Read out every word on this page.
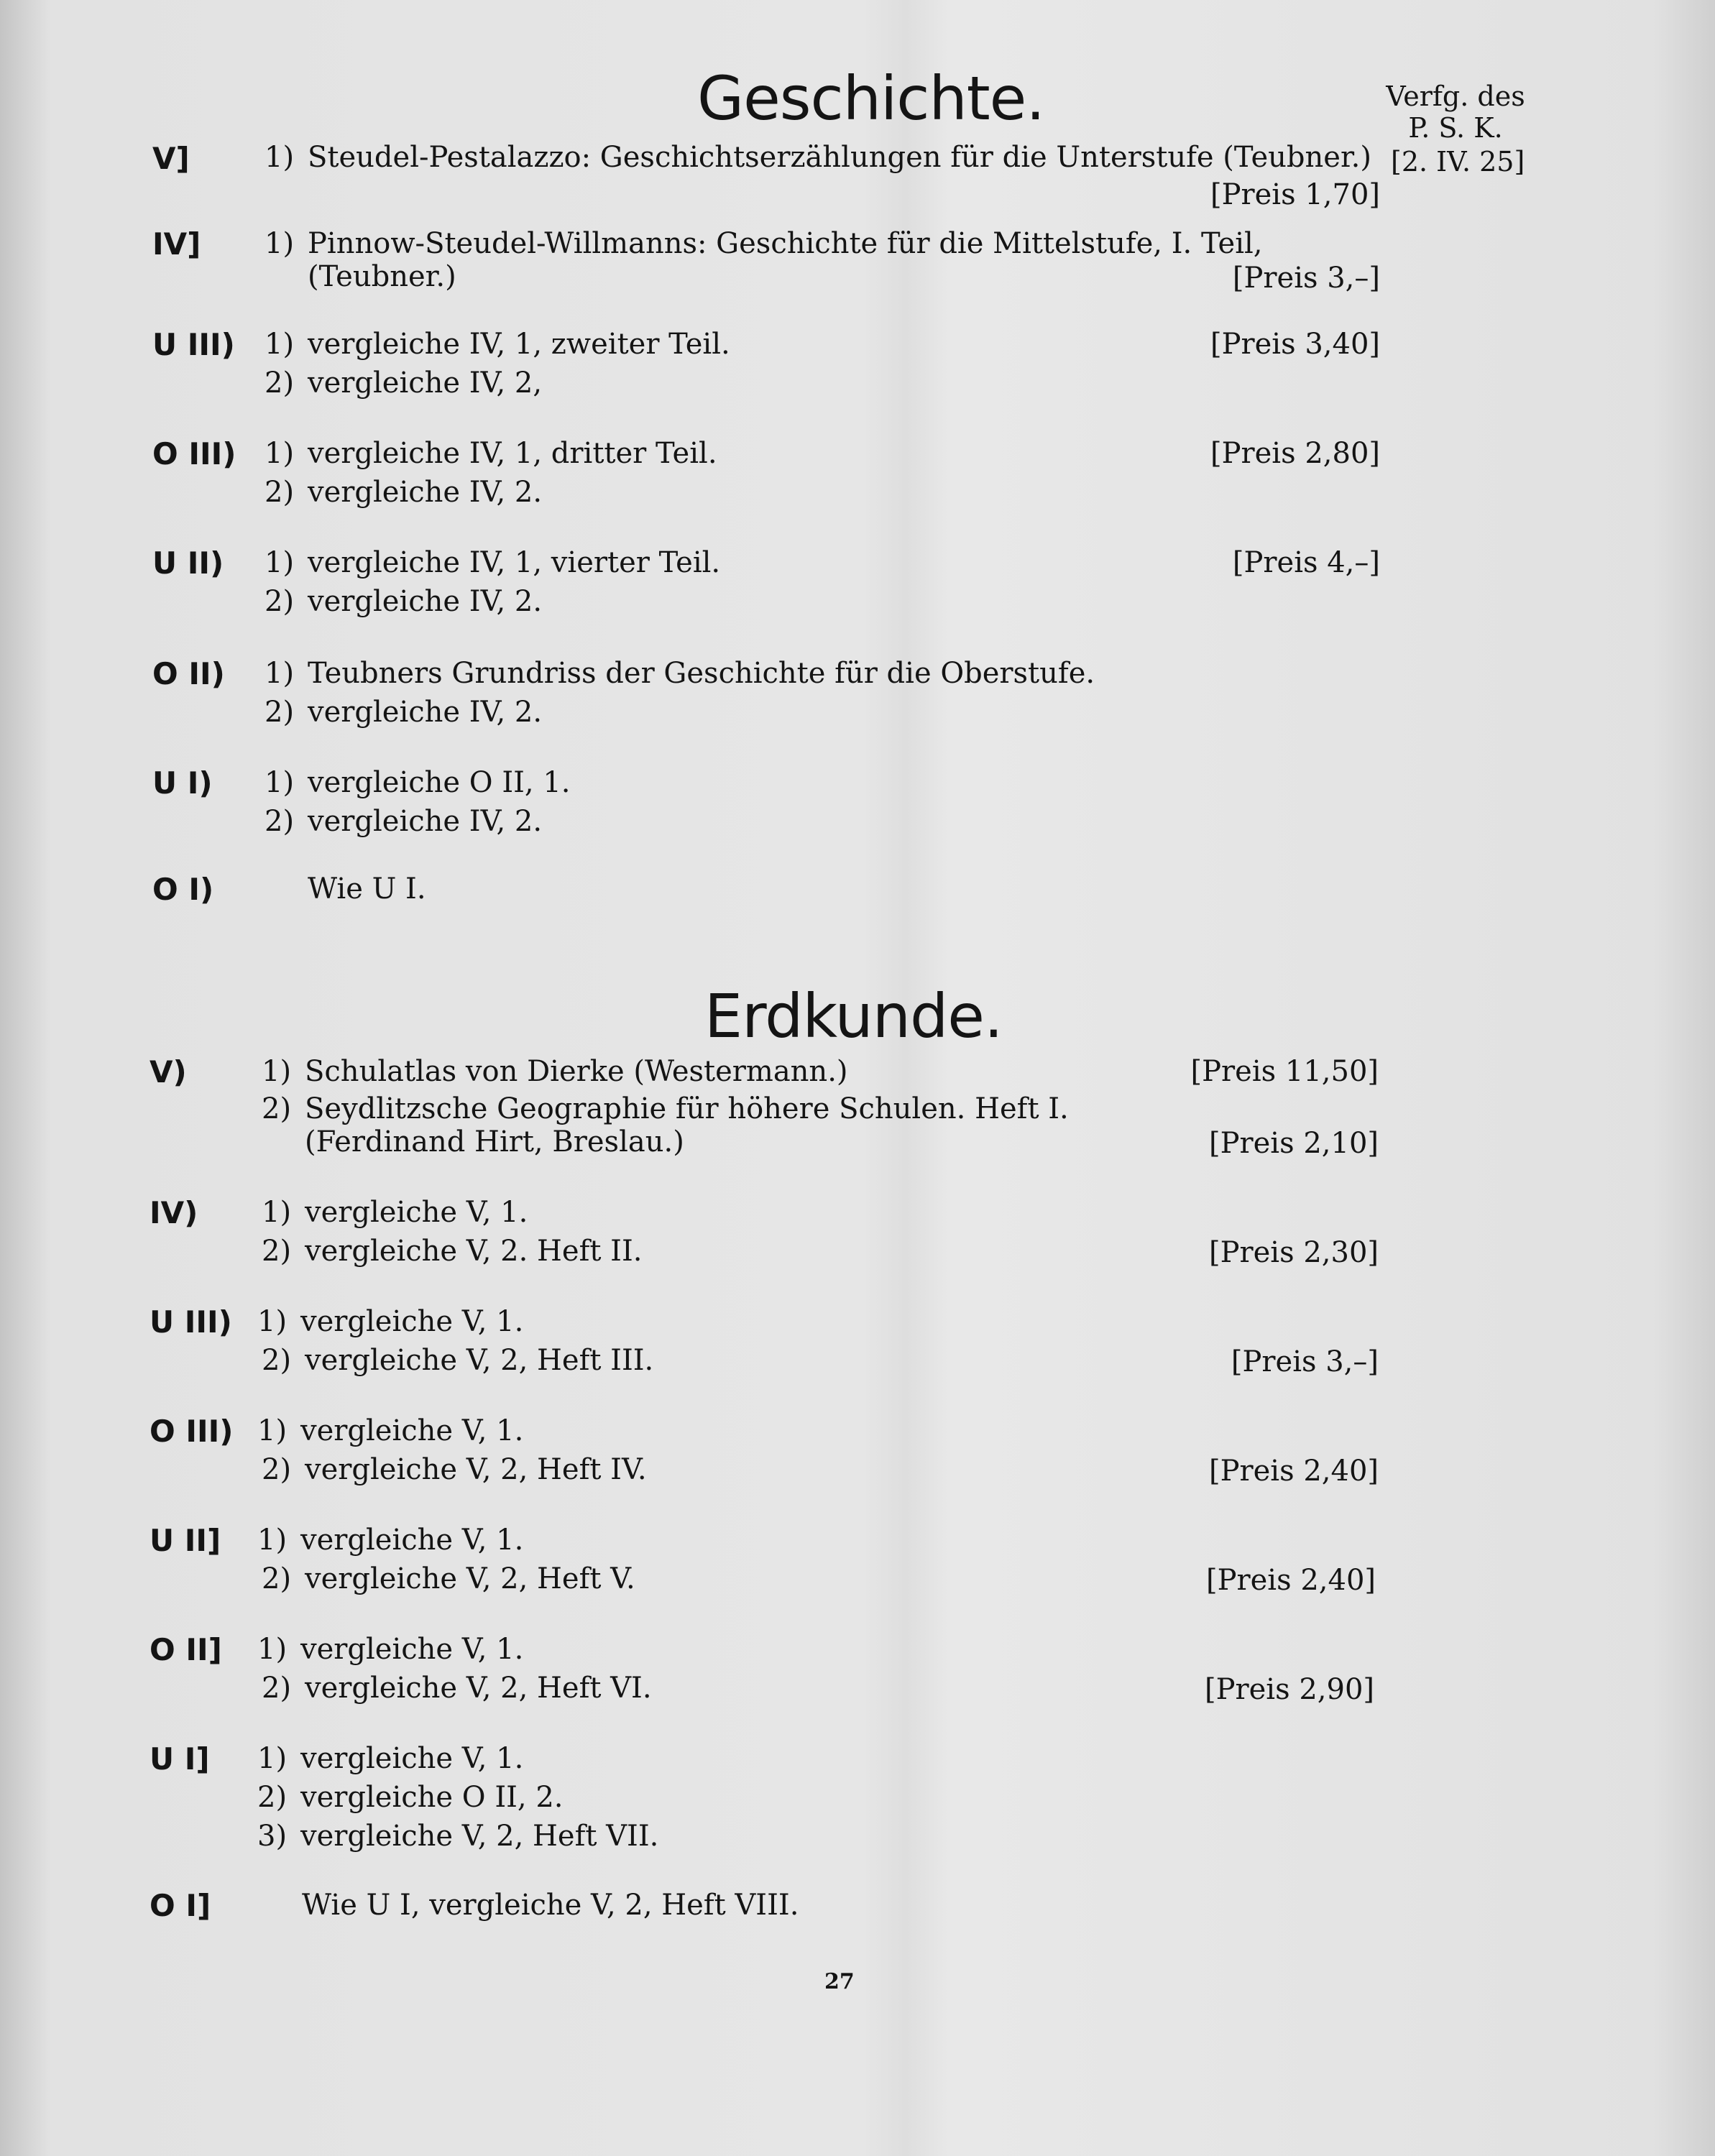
Geschichte.	Verfg. des
P. S. K.
[2. IV. 25]
V]	1) Steudel-Pestalazzo: Geschichtserzählungen für die Unterstufe (Teubner.)
[Preis 1,70]
IV] 1) Pinnow-Steudel-Willmanns: Geschichte für die Mittelstufe, I. Teil,
(Teubner.)	[Preis 3,–]
U III) 1) vergleiche IV, 1, zweiter Teil.	[Preis 3,40]
2) vergleiche IV, 2,
O III) 1) vergleiche IV, 1, dritter Teil.	[Preis 2,80]
2) vergleiche IV, 2.
U II) 1) vergleiche IV, 1, vierter Teil.	[Preis 4,–]
2) vergleiche IV, 2.
O II) 1) Teubners Grundriss der Geschichte für die Oberstufe.
2) vergleiche IV, 2.
U I) 1) vergleiche O II, 1.
2) vergleiche IV, 2.
O I)	Wie U I.
Erdkunde.
V)	1) Schulatlas von Dierke (Westermann.)	[Preis 11,50]
2) Seydlitzsche Geographie für höhere Schulen. Heft I.
(Ferdinand Hirt, Breslau.)	[Preis 2,10]
IV) 1) vergleiche V, 1.
2) vergleiche V, 2. Heft II.	[Preis 2,30]
U III) 1) vergleiche V, 1.
2) vergleiche V, 2, Heft III.	[Preis 3,–]
O III) 1) vergleiche V, 1.
2) vergleiche V, 2, Heft IV.	[Preis 2,40]
U II] 1) vergleiche V, 1.
2) vergleiche V, 2, Heft V.	[Preis 2,40]
O II] 1) vergleiche V, 1.
2) vergleiche V, 2, Heft VI.	[Preis 2,90]
U I] 1) vergleiche V, 1.
2) vergleiche O II, 2.
3) vergleiche V, 2, Heft VII.
O I]	Wie U I, vergleiche V, 2, Heft VIII.
27
